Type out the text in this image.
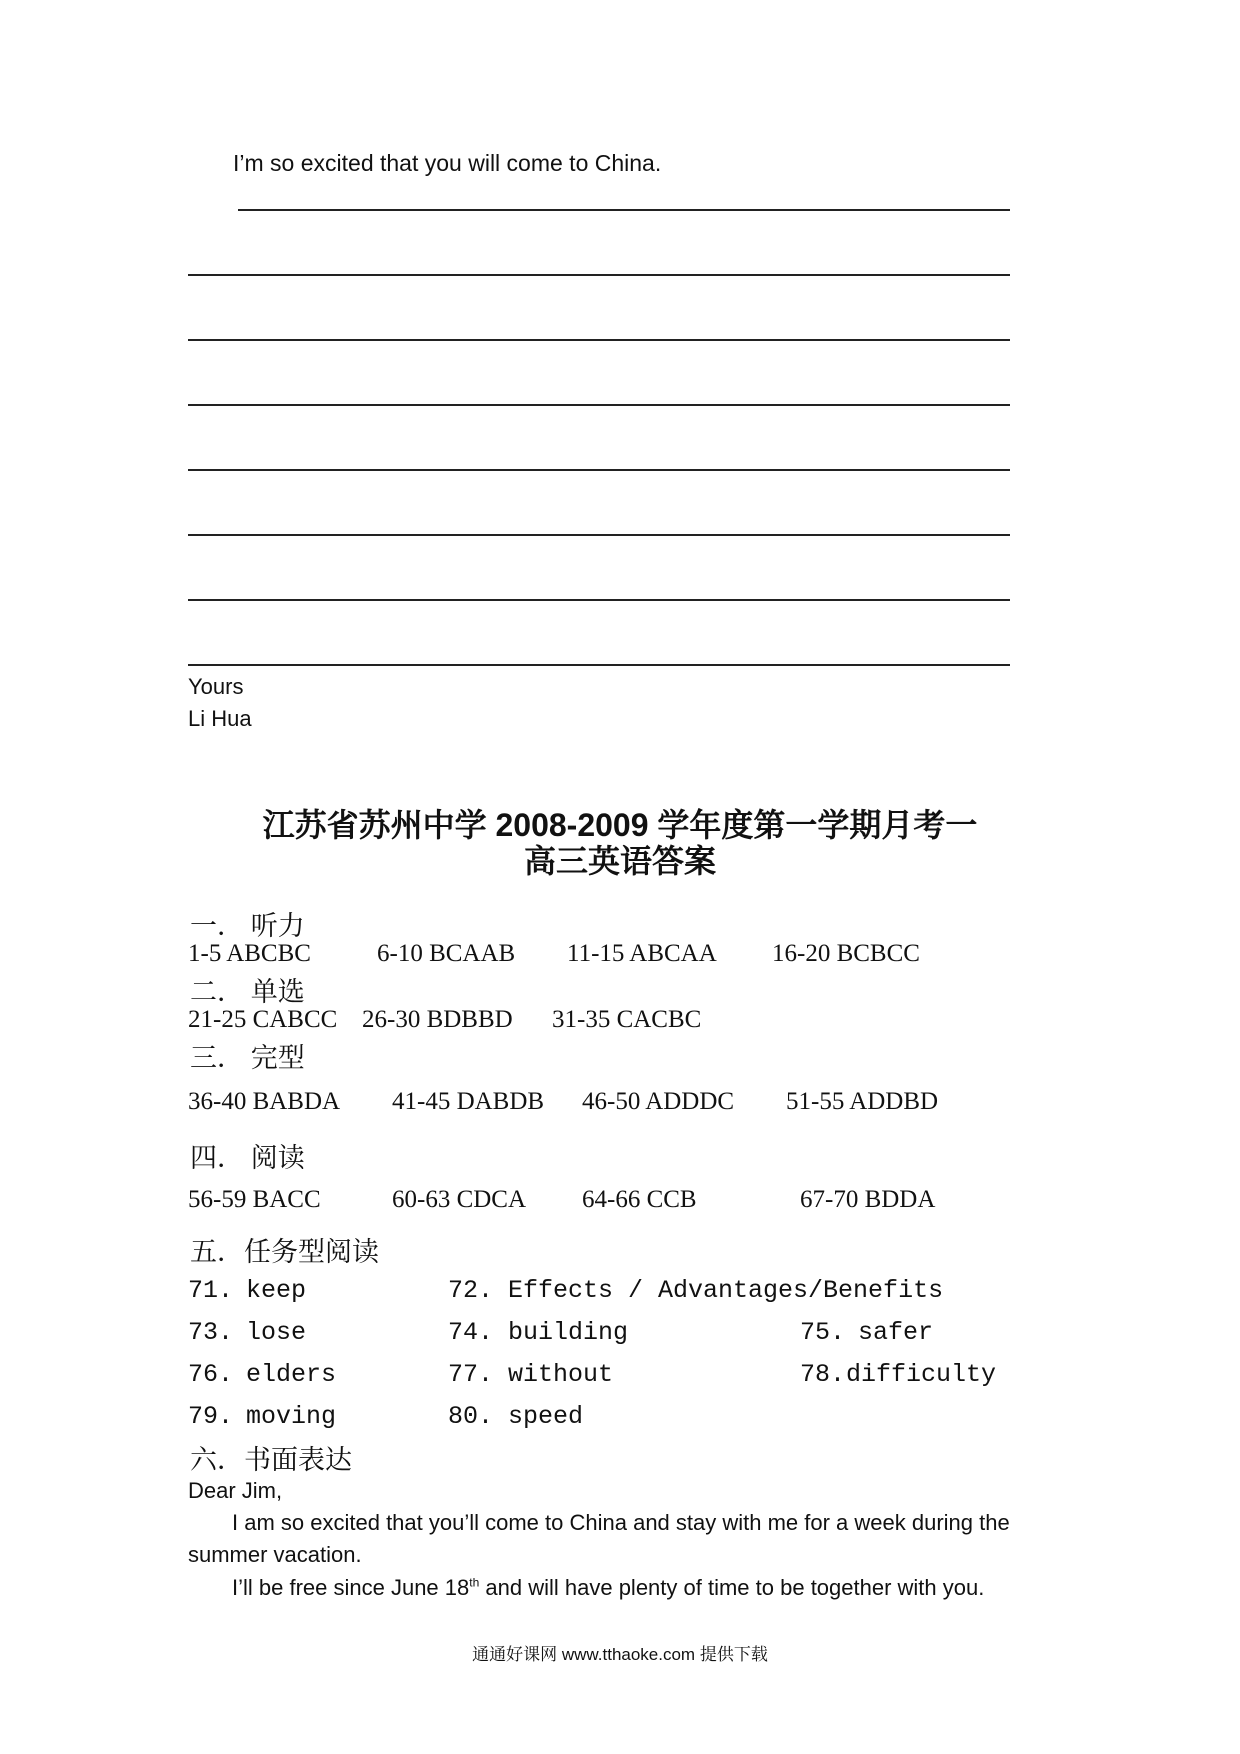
I’m so excited that you will come to China.
Yours
Li Hua
江苏省苏州中学 2008-2009 学年度第一学期月考一
高三英语答案
一． 听力
1-5 ABCBC	6-10 BCAAB 11-15 ABCAA 16-20 BCBCC
二． 单选
21-25 CABCC 26-30 BDBBD 31-35 CACBC
三． 完型
36-40 BABDA 41-45 DABDB 46-50 ADDDC 51-55 ADDBD
四． 阅读
56-59 BACC	60-63 CDCA 64-66 CCB	67-70 BDDA
五．任务型阅读
71. keep	72. Effects / Advantages/Benefits
73. lose	74. building	75. safer
76. elders	77. without	78. difficulty
79. moving	80. speed
六．书面表达
Dear Jim,
I am so excited that you’ll come to China and stay with me for a week during the
summer vacation.
I’ll be free since June 18th and will have plenty of time to be together with you.
通通好课网 www.tthaoke.com 提供下载
